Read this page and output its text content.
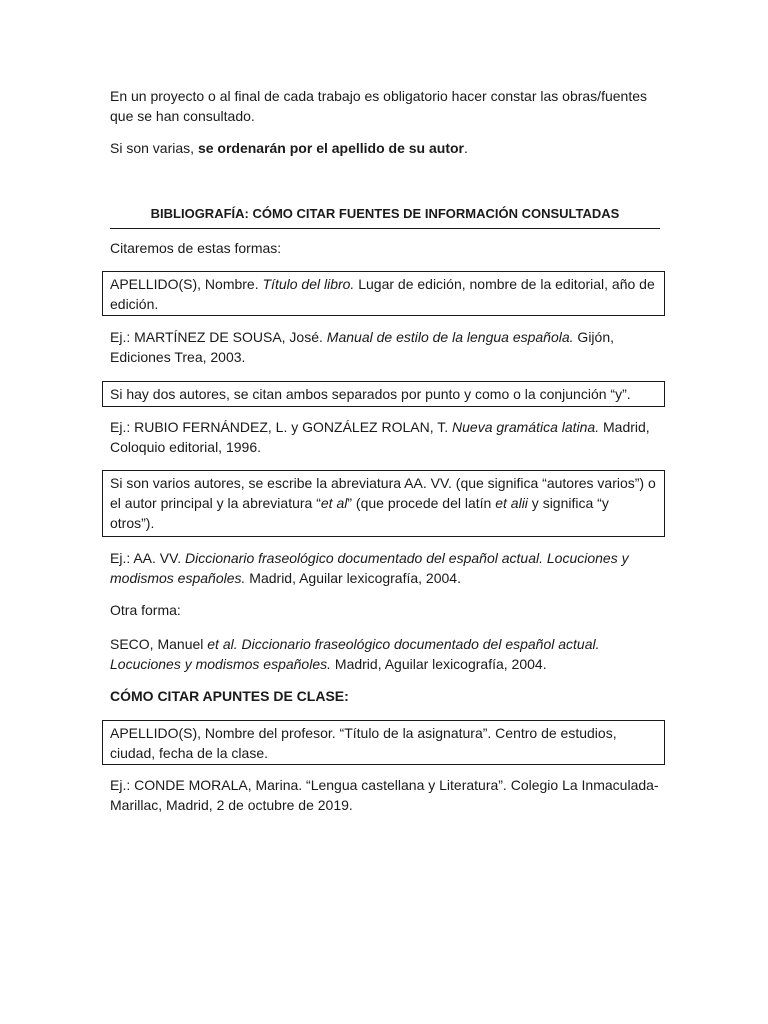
En un proyecto o al final de cada trabajo es obligatorio hacer constar las obras/fuentes que se han consultado.

Si son varias, se ordenarán por el apellido de su autor.

BIBLIOGRAFÍA: CÓMO CITAR FUENTES DE INFORMACIÓN CONSULTADAS

Citaremos de estas formas:

APELLIDO(S), Nombre. Título del libro. Lugar de edición, nombre de la editorial, año de edición.

Ej.: MARTÍNEZ DE SOUSA, José. Manual de estilo de la lengua española. Gijón, Ediciones Trea, 2003.

Si hay dos autores, se citan ambos separados por punto y como o la conjunción “y”.

Ej.: RUBIO FERNÁNDEZ, L. y GONZÁLEZ ROLAN, T. Nueva gramática latina. Madrid, Coloquio editorial, 1996.

Si son varios autores, se escribe la abreviatura AA. VV. (que significa “autores varios”) o el autor principal y la abreviatura “et al” (que procede del latín et alii y significa “y otros”).

Ej.: AA. VV. Diccionario fraseológico documentado del español actual. Locuciones y modismos españoles. Madrid, Aguilar lexicografía, 2004.

Otra forma:

SECO, Manuel et al. Diccionario fraseológico documentado del español actual. Locuciones y modismos españoles. Madrid, Aguilar lexicografía, 2004.

CÓMO CITAR APUNTES DE CLASE:

APELLIDO(S), Nombre del profesor. “Título de la asignatura”. Centro de estudios, ciudad, fecha de la clase.

Ej.: CONDE MORALA, Marina. “Lengua castellana y Literatura”. Colegio La Inmaculada-Marillac, Madrid, 2 de octubre de 2019.
